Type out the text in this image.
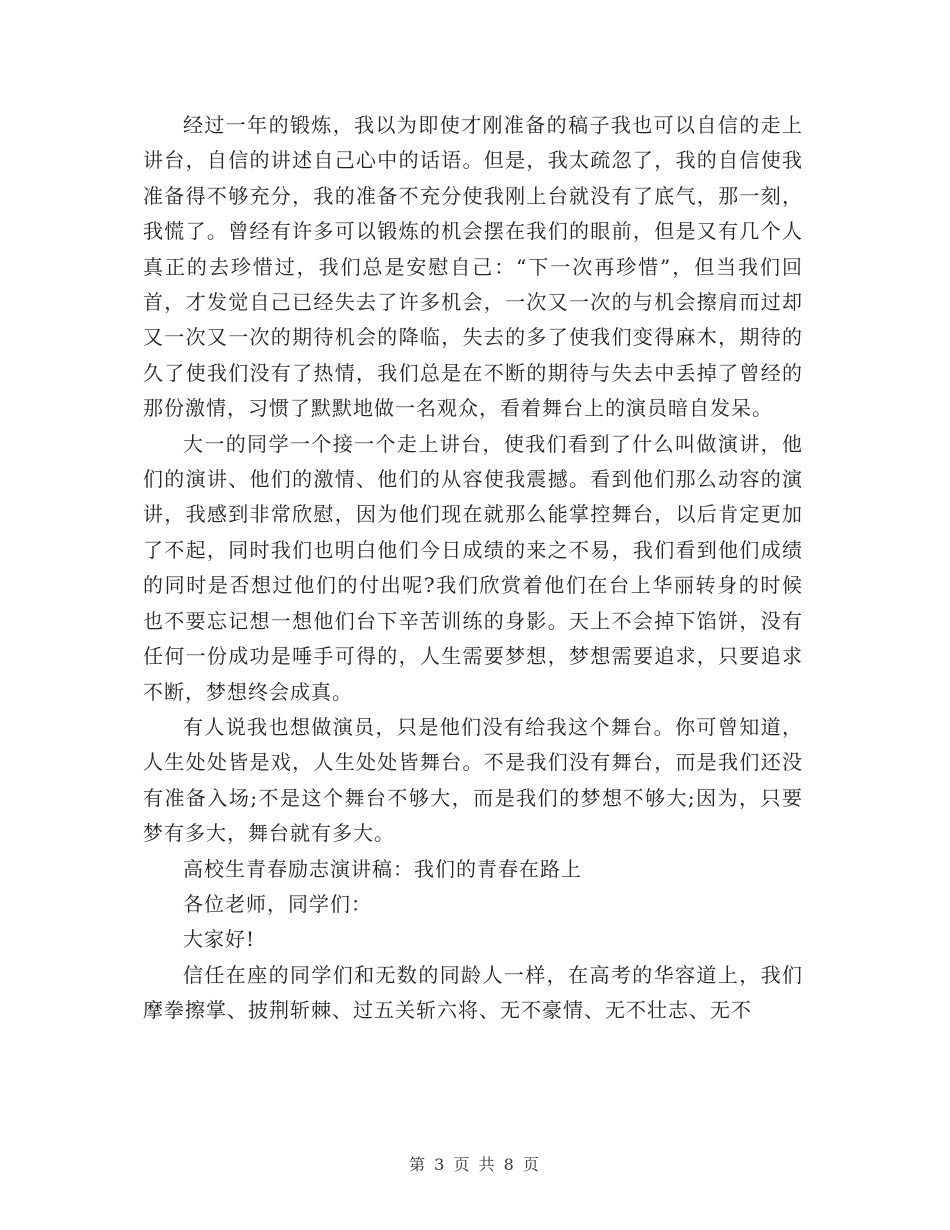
经过一年的锻炼，我以为即使才刚准备的稿子我也可以自信的走上讲台，自信的讲述自己心中的话语。但是，我太疏忽了，我的自信使我准备得不够充分，我的准备不充分使我刚上台就没有了底气，那一刻，我慌了。曾经有许多可以锻炼的机会摆在我们的眼前，但是又有几个人真正的去珍惜过，我们总是安慰自己：“下一次再珍惜”，但当我们回首，才发觉自己已经失去了许多机会，一次又一次的与机会擦肩而过却又一次又一次的期待机会的降临，失去的多了使我们变得麻木，期待的久了使我们没有了热情，我们总是在不断的期待与失去中丢掉了曾经的那份激情，习惯了默默地做一名观众，看着舞台上的演员暗自发呆。

大一的同学一个接一个走上讲台，使我们看到了什么叫做演讲，他们的演讲、他们的激情、他们的从容使我震撼。看到他们那么动容的演讲，我感到非常欣慰，因为他们现在就那么能掌控舞台，以后肯定更加了不起，同时我们也明白他们今日成绩的来之不易，我们看到他们成绩的同时是否想过他们的付出呢?我们欣赏着他们在台上华丽转身的时候也不要忘记想一想他们台下辛苦训练的身影。天上不会掉下馅饼，没有任何一份成功是唾手可得的，人生需要梦想，梦想需要追求，只要追求不断，梦想终会成真。

有人说我也想做演员，只是他们没有给我这个舞台。你可曾知道，人生处处皆是戏，人生处处皆舞台。不是我们没有舞台，而是我们还没有准备入场;不是这个舞台不够大，而是我们的梦想不够大;因为，只要梦有多大，舞台就有多大。

高校生青春励志演讲稿：我们的青春在路上

各位老师，同学们：

大家好!

信任在座的同学们和无数的同龄人一样，在高考的华容道上，我们摩拳擦掌、披荆斩棘、过五关斩六将、无不豪情、无不壮志、无不

第 3 页 共 8 页
